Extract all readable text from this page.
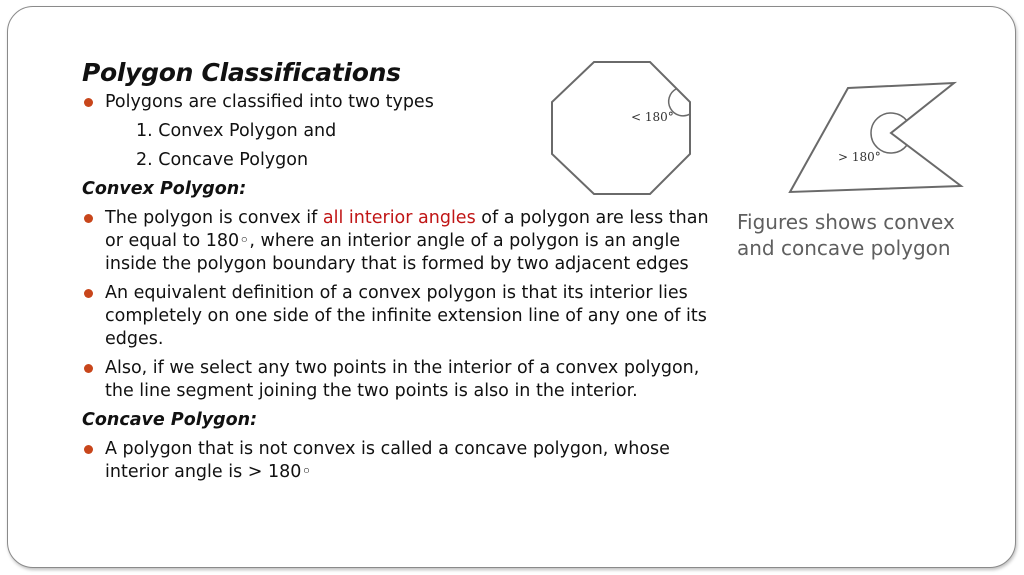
Polygon Classifications

Polygons are classified into two types

1. Convex Polygon and

2. Concave Polygon

Convex Polygon:

The polygon is convex if all interior angles of a polygon are less than or equal to 180◦, where an interior angle of a polygon is an angle inside the polygon boundary that is formed by two adjacent edges

An equivalent definition of a convex polygon is that its interior lies completely on one side of the infinite extension line of any one of its edges.

Also, if we select any two points in the interior of a convex polygon, the line segment joining the two points is also in the interior.

Concave Polygon:

A polygon that is not convex is called a concave polygon, whose interior angle is > 180◦

< 180°
> 180°
Figures shows convex and concave polygon
